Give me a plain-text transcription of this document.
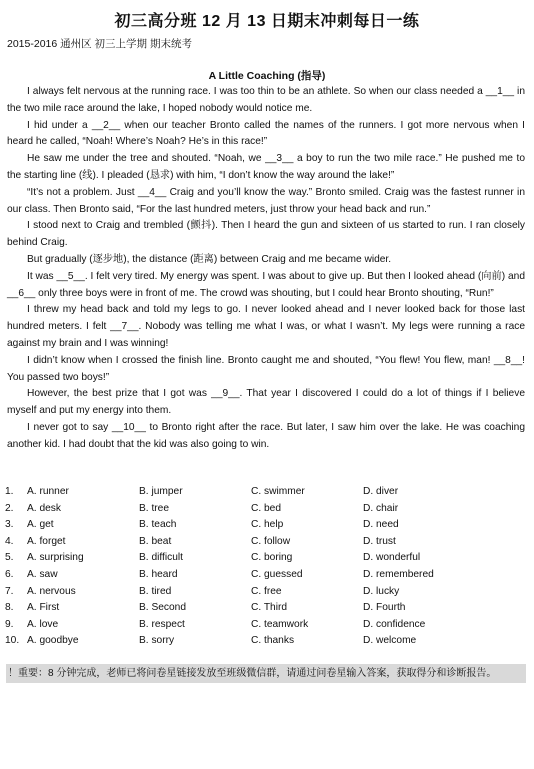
初三高分班 12 月 13 日期末冲刺每日一练
2015-2016 通州区 初三上学期 期末统考
A Little Coaching (指导)

I always felt nervous at the running race. I was too thin to be an athlete. So when our class needed a __1__ in the two mile race around the lake, I hoped nobody would notice me.

I hid under a __2__ when our teacher Bronto called the names of the runners. I got more nervous when I heard he called, “Noah! Where’s Noah? He’s in this race!”

He saw me under the tree and shouted. “Noah, we __3__ a boy to run the two mile race.” He pushed me to the starting line (线). I pleaded (恳求) with him, “I don’t know the way around the lake!”

“It’s not a problem. Just __4__ Craig and you’ll know the way.” Bronto smiled. Craig was the fastest runner in our class. Then Bronto said, “For the last hundred meters, just throw your head back and run.”

I stood next to Craig and trembled (颤抖). Then I heard the gun and sixteen of us started to run. I ran closely behind Craig.

But gradually (逐步地), the distance (距离) between Craig and me became wider.

It was __5__. I felt very tired. My energy was spent. I was about to give up. But then I looked ahead (向前) and __6__ only three boys were in front of me. The crowd was shouting, but I could hear Bronto shouting, “Run!”

I threw my head back and told my legs to go. I never looked ahead and I never looked back for those last hundred meters. I felt __7__. Nobody was telling me what I was, or what I wasn’t. My legs were running a race against my brain and I was winning!

I didn’t know when I crossed the finish line. Bronto caught me and shouted, “You flew! You flew, man! __8__! You passed two boys!”

However, the best prize that I got was __9__. That year I discovered I could do a lot of things if I believe myself and put my energy into them.

I never got to say __10__ to Bronto right after the race. But later, I saw him over the lake. He was coaching another kid. I had doubt that the kid was also going to win.

1. A. runner	B. jumper	C. swimmer	D. diver
2. A. desk	B. tree	C. bed	D. chair
3. A. get	B. teach	C. help	D. need
4. A. forget	B. beat	C. follow	D. trust
5. A. surprising	B. difficult	C. boring	D. wonderful
6. A. saw	B. heard	C. guessed	D. remembered
7. A. nervous	B. tired	C. free	D. lucky
8. A. First	B. Second	C. Third	D. Fourth
9. A. love	B. respect	C. teamwork	D. confidence
10. A. goodbye	B. sorry	C. thanks	D. welcome
！重要：8 分钟完成，老师已将问卷星链接发放至班级微信群，请通过问卷星输入答案，获取得分和诊断报告。
